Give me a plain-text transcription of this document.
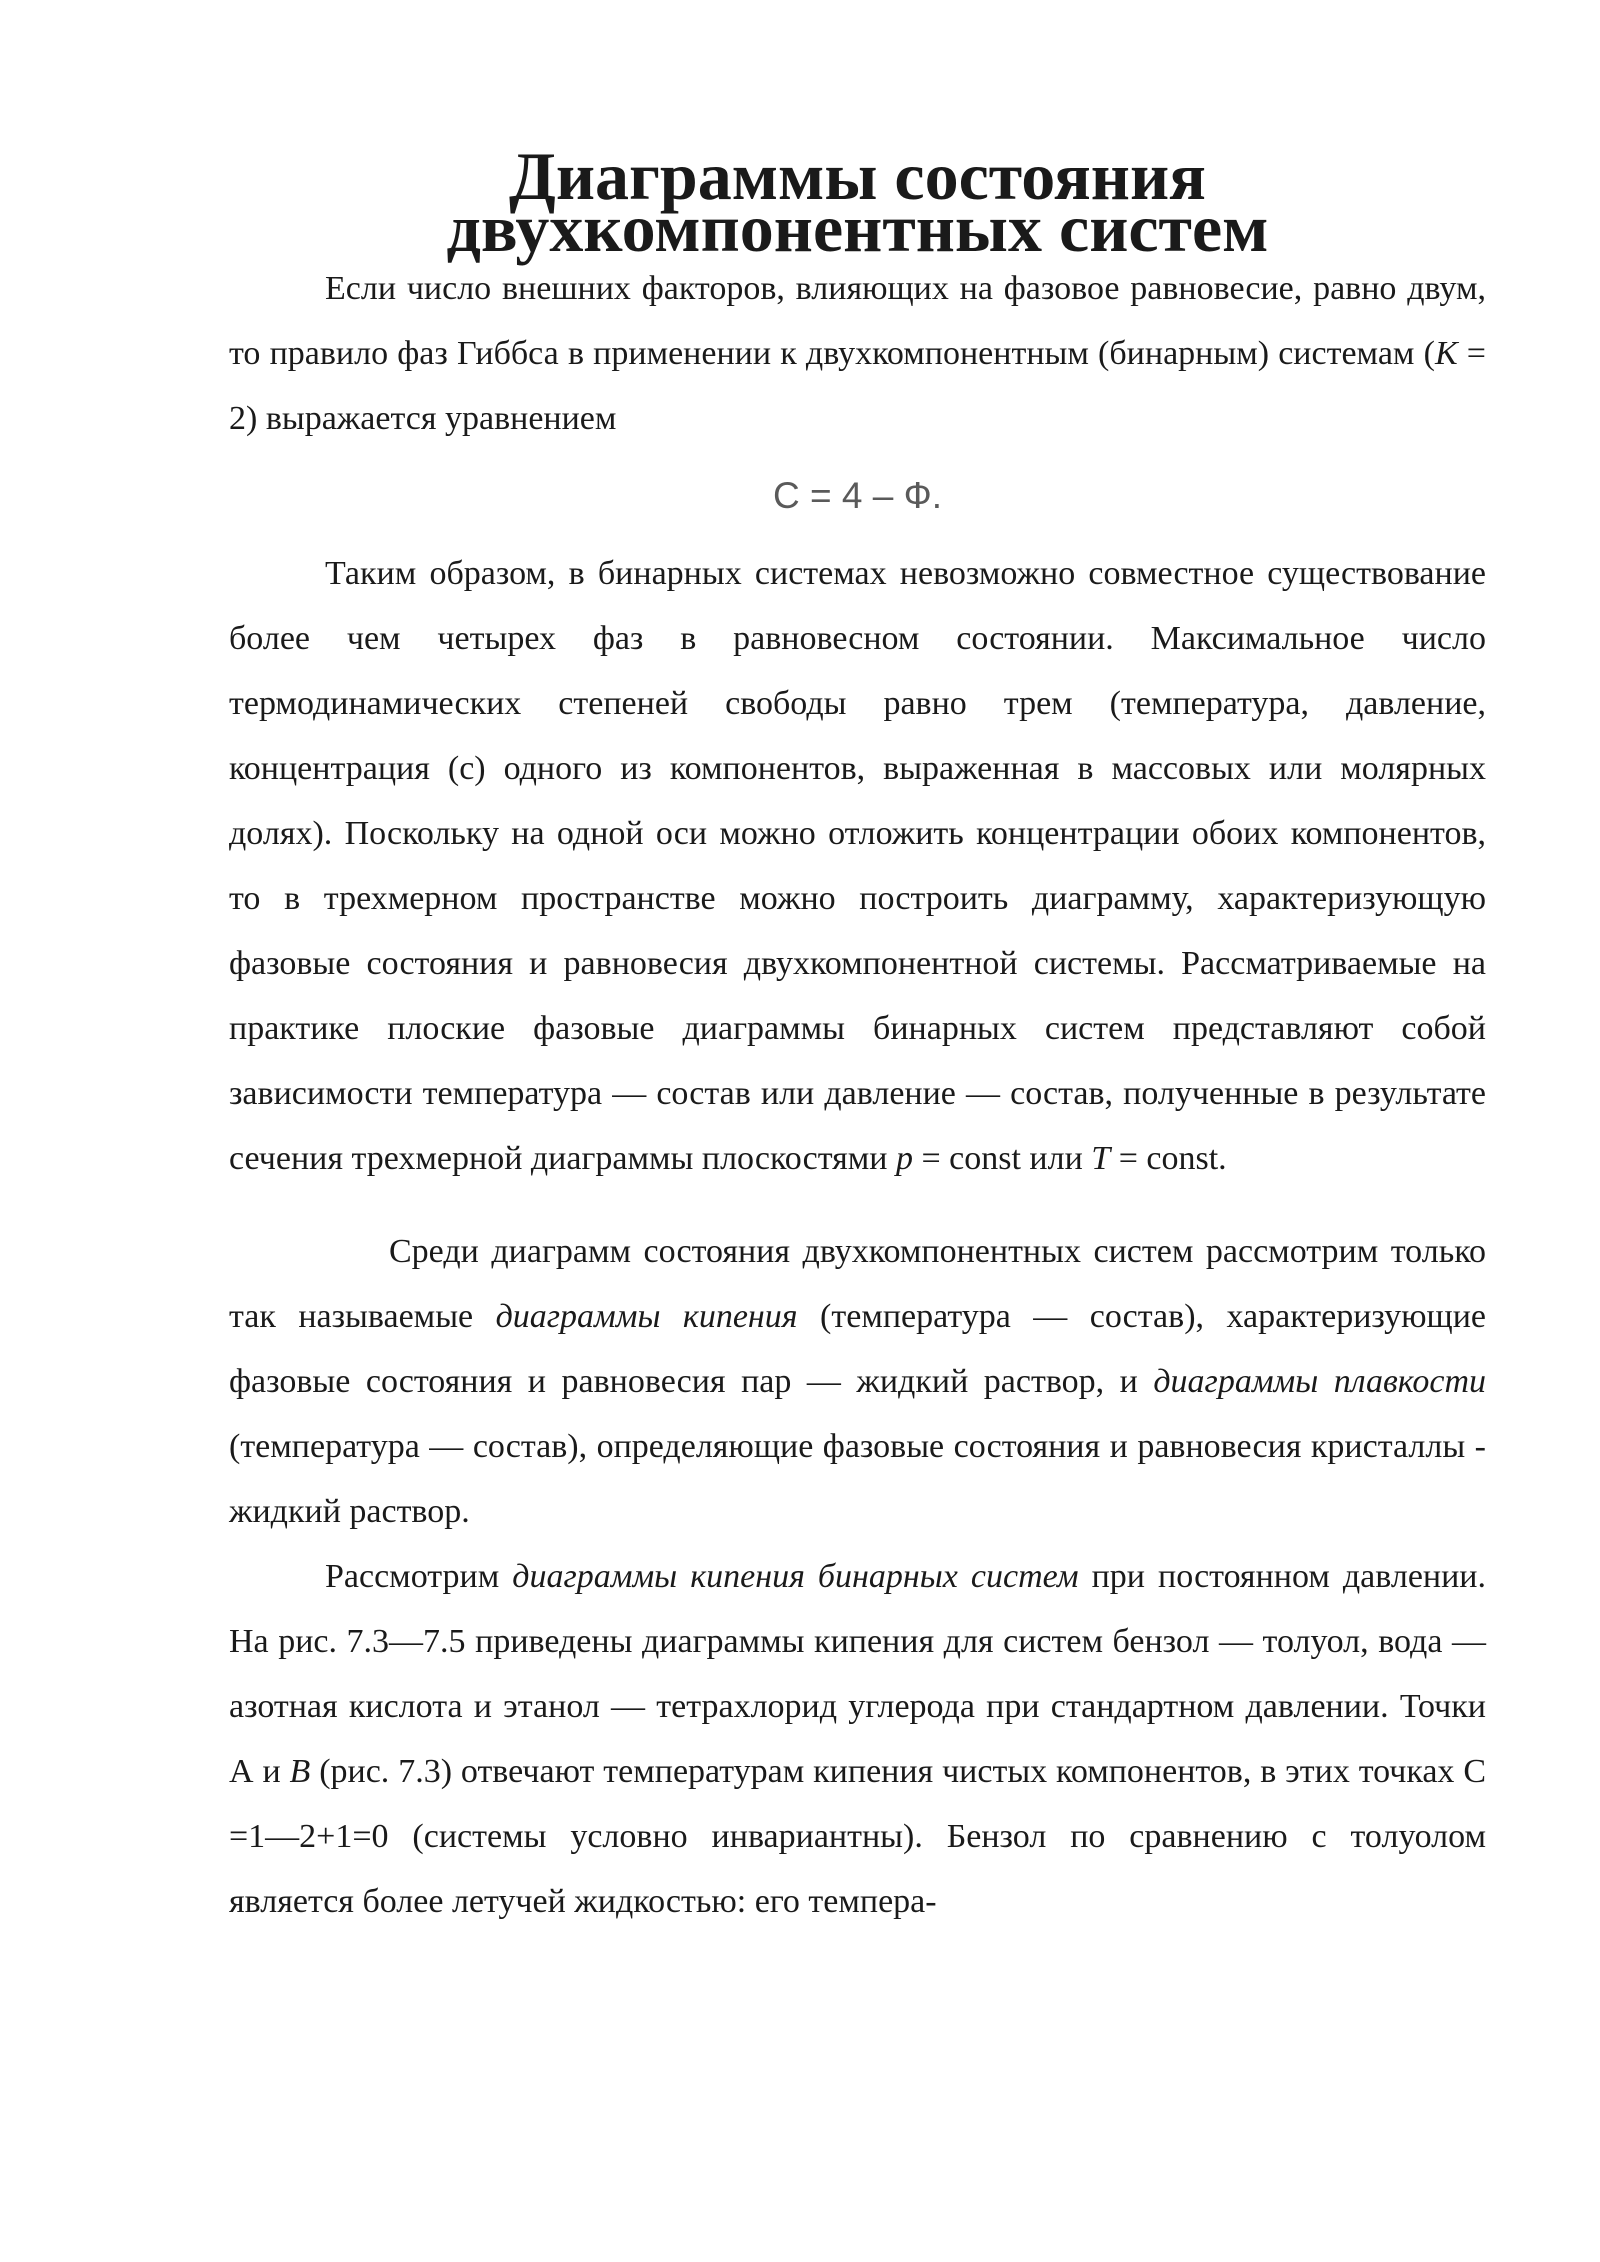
Диаграммы состояния двухкомпонентных систем

Если число внешних факторов, влияющих на фазовое равновесие, равно двум, то правило фаз Гиббса в применении к двухкомпонентным (бинарным) системам (K = 2) выражается уравнением

С = 4 – Ф.

Таким образом, в бинарных системах невозможно совместное существование более чем четырех фаз в равновесном состоянии. Максимальное число термодинамических степеней свободы равно трем (температура, давление, концентрация (с) одного из компонентов, выраженная в массовых или молярных долях). Поскольку на одной оси можно отложить концентрации обоих компонентов, то в трехмерном пространстве можно построить диаграмму, характеризующую фазовые состояния и равновесия двухкомпонентной системы. Рассматриваемые на практике плоские фазовые диаграммы бинарных систем представляют собой зависимости температура — состав или давление — состав, полученные в результате сечения трехмерной диаграммы плоскостями p = const или T = const.

Среди диаграмм состояния двухкомпонентных систем рассмотрим только так называемые диаграммы кипения (температура — состав), характеризующие фазовые состояния и равновесия пар — жидкий раствор, и диаграммы плавкости (температура — состав), определяющие фазовые состояния и равновесия кристаллы - жидкий раствор.

Рассмотрим диаграммы кипения бинарных систем при постоянном давлении. На рис. 7.3—7.5 приведены диаграммы кипения для систем бензол — толуол, вода — азотная кислота и этанол — тетрахлорид углерода при стандартном давлении. Точки А и B (рис. 7.3) отвечают температурам кипения чистых компонентов, в этих точках С =1—2+1=0 (системы условно инвариантны). Бензол по сравнению с толуолом является более летучей жидкостью: его темпера-
